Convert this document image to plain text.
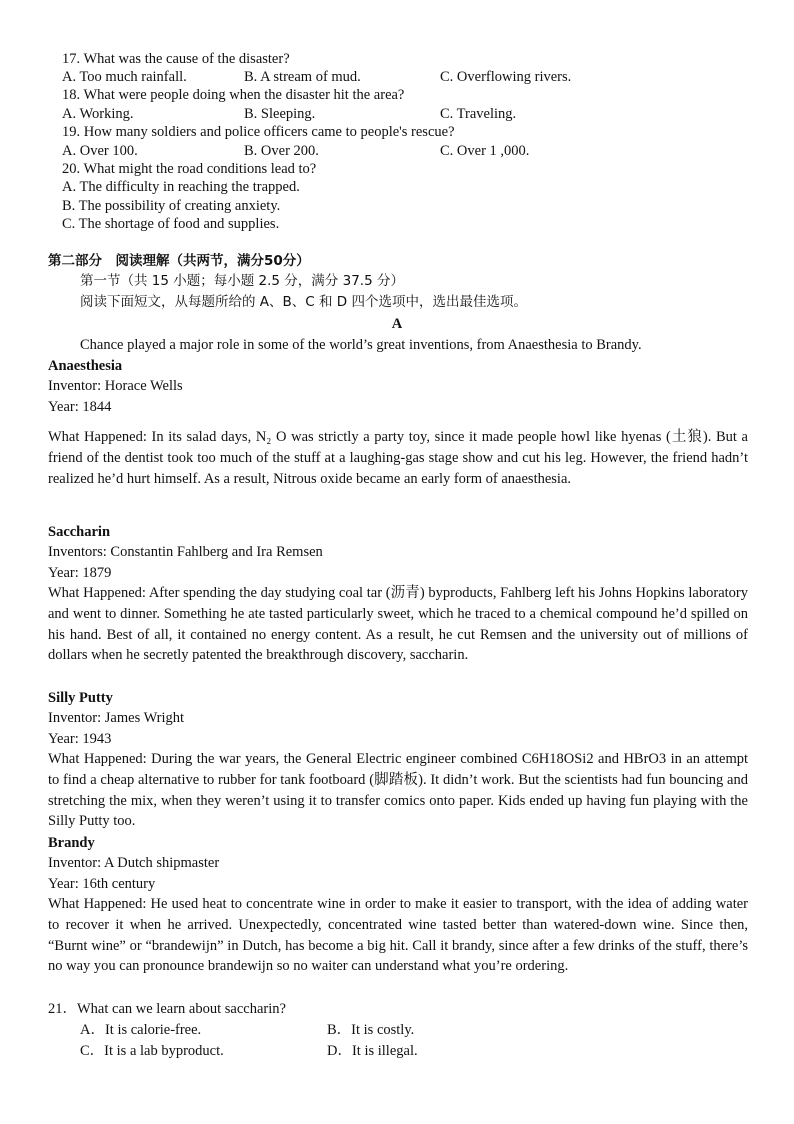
17. What was the cause of the disaster?
A. Too much rainfall.	B. A stream of mud.	C. Overflowing rivers.
18. What were people doing when the disaster hit the area?
A. Working.	B. Sleeping.	C. Traveling.
19. How many soldiers and police officers came to people's rescue?
A. Over 100.	B. Over 200.	C. Over 1 ,000.
20. What might the road conditions lead to?
A. The difficulty in reaching the trapped.
B. The possibility of creating anxiety.
C. The shortage of food and supplies.
第二部分　阅读理解（共两节，满分50分）
第一节（共 15 小题；每小题 2.5 分，满分 37.5 分）
阅读下面短文，从每题所给的 A、B、C 和 D 四个选项中，选出最佳选项。
A
Chance played a major role in some of the world’s great inventions, from Anaesthesia to Brandy.
Anaesthesia
Inventor: Horace Wells
Year: 1844
What Happened: In its salad days, N₂ O was strictly a party toy, since it made people howl like hyenas (土狼). But a friend of the dentist took too much of the stuff at a laughing-gas stage show and cut his leg. However, the friend hadn’t realized he’d hurt himself. As a result, Nitrous oxide became an early form of anaesthesia.
Saccharin
Inventors: Constantin Fahlberg and Ira Remsen
Year: 1879
What Happened: After spending the day studying coal tar (沥青) byproducts, Fahlberg left his Johns Hopkins laboratory and went to dinner. Something he ate tasted particularly sweet, which he traced to a chemical compound he’d spilled on his hand. Best of all, it contained no energy content. As a result, he cut Remsen and the university out of millions of dollars when he secretly patented the breakthrough discovery, saccharin.
Silly Putty
Inventor: James Wright
Year: 1943
What Happened: During the war years, the General Electric engineer combined C6H18OSi2 and HBrO3 in an attempt to find a cheap alternative to rubber for tank footboard (脚踏板). It didn’t work. But the scientists had fun bouncing and stretching the mix, when they weren’t using it to transfer comics onto paper. Kids ended up having fun playing with the Silly Putty too.
Brandy
Inventor: A Dutch shipmaster
Year: 16th century
What Happened: He used heat to concentrate wine in order to make it easier to transport, with the idea of adding water to recover it when he arrived. Unexpectedly, concentrated wine tasted better than watered-down wine. Since then, “Burnt wine” or “brandewijn” in Dutch, has become a big hit. Call it brandy, since after a few drinks of the stuff, there’s no way you can pronounce brandewijn so no waiter can understand what you’re ordering.
21．What can we learn about saccharin?
A．It is calorie-free.	B．It is costly.
C．It is a lab byproduct.	D．It is illegal.
